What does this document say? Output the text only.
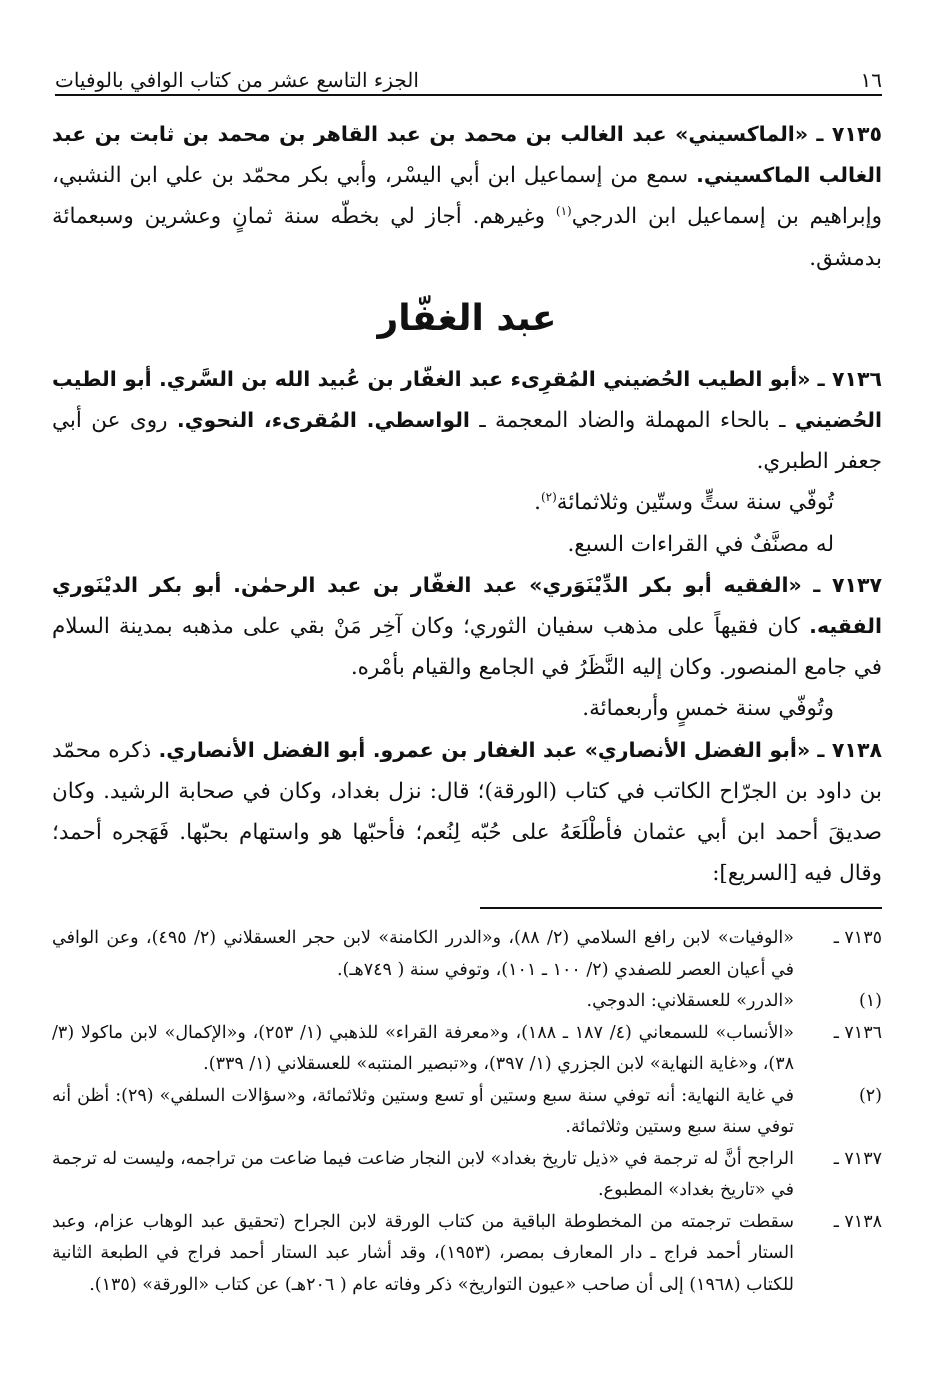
١٦
الجزء التاسع عشر من كتاب الوافي بالوفيات

٧١٣٥ ـ «الماكسيني» عبد الغالب بن محمد بن عبد القاهر بن محمد بن ثابت بن عبد الغالب الماكسيني. سمع من إسماعيل ابن أبي اليسْر، وأبي بكر محمّد بن علي ابن النشبي، وإبراهيم بن إسماعيل ابن الدرجي$^{(١)}$ وغيرهم. أجاز لي بخطّه سنة ثمانٍ وعشرين وسبعمائة بدمشق.

عبد الغفّار

٧١٣٦ ـ «أبو الطيب الحُضيني المُقرِىء عبد الغفّار بن عُبيد الله بن السَّري. أبو الطيب الحُضيني ـ بالحاء المهملة والضاد المعجمة ـ الواسطي. المُقرىء، النحوي. روى عن أبي جعفر الطبري.

تُوفّي سنة ستٍّ وستّين وثلاثمائة$^{(٢)}$.

له مصنَّفٌ في القراءات السبع.

٧١٣٧ ـ «الفقيه أبو بكر الدِّيْنَوَري» عبد الغفّار بن عبد الرحمٰن. أبو بكر الديْنَوري الفقيه. كان فقيهاً على مذهب سفيان الثوري؛ وكان آخِر مَنْ بقي على مذهبه بمدينة السلام في جامع المنصور. وكان إليه النَّظَرُ في الجامع والقيام بأمْره.

وتُوفّي سنة خمسٍ وأربعمائة.

٧١٣٨ ـ «أبو الفضل الأنصاري» عبد الغفار بن عمرو. أبو الفضل الأنصاري. ذكره محمّد بن داود بن الجرّاح الكاتب في كتاب (الورقة)؛ قال: نزل بغداد، وكان في صحابة الرشيد. وكان صديقَ أحمد ابن أبي عثمان فأطْلَعَهُ على حُبّه لِنُعم؛ فأحبّها هو واستهام بحبّها. فَهَجره أحمد؛ وقال فيه [السريع]:

٧١٣٥ ـ
«الوفيات» لابن رافع السلامي (٢/ ٨٨)، و«الدرر الكامنة» لابن حجر العسقلاني (٢/ ٤٩٥)، وعن الوافي في أعيان العصر للصفدي (٢/ ١٠٠ ـ ١٠١)، وتوفي سنة ( ٧٤٩هـ).

(١)
«الدرر» للعسقلاني: الدوجي.

٧١٣٦ ـ
«الأنساب» للسمعاني (٤/ ١٨٧ ـ ١٨٨)، و«معرفة القراء» للذهبي (١/ ٢٥٣)، و«الإكمال» لابن ماكولا (٣/ ٣٨)، و«غاية النهاية» لابن الجزري (١/ ٣٩٧)، و«تبصير المنتبه» للعسقلاني (١/ ٣٣٩).

(٢)
في غاية النهاية: أنه توفي سنة سبع وستين أو تسع وستين وثلاثمائة، و«سؤالات السلفي» (٢٩): أظن أنه توفي سنة سبع وستين وثلاثمائة.

٧١٣٧ ـ
الراجح أنَّ له ترجمة في «ذيل تاريخ بغداد» لابن النجار ضاعت فيما ضاعت من تراجمه، وليست له ترجمة في «تاريخ بغداد» المطبوع.

٧١٣٨ ـ
سقطت ترجمته من المخطوطة الباقية من كتاب الورقة لابن الجراح (تحقيق عبد الوهاب عزام، وعبد الستار أحمد فراج ـ دار المعارف بمصر، (١٩٥٣)، وقد أشار عبد الستار أحمد فراج في الطبعة الثانية للكتاب (١٩٦٨) إلى أن صاحب «عيون التواريخ» ذكر وفاته عام ( ٢٠٦هـ) عن كتاب «الورقة» (١٣٥).
